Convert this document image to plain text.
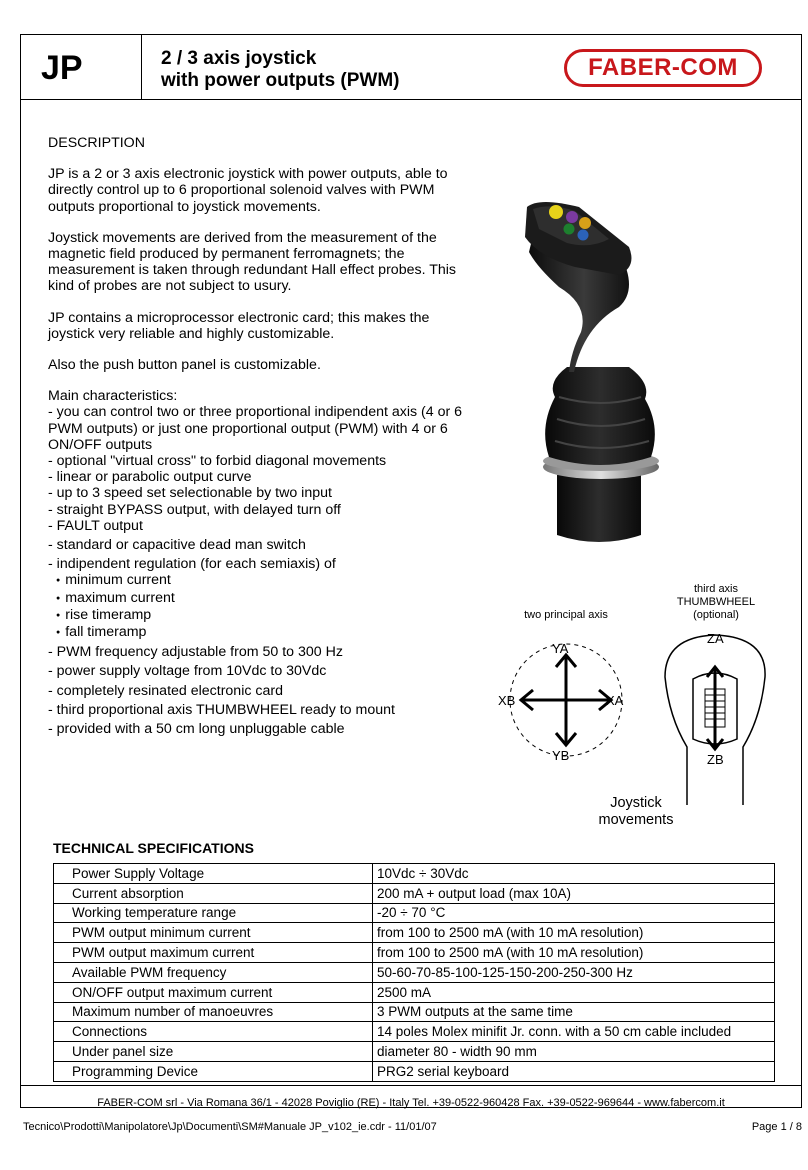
JP	2 / 3 axis joystick
with power outputs (PWM)	FABER-COM

DESCRIPTION

JP is a 2 or 3 axis electronic joystick with power outputs, able to directly control up to 6 proportional solenoid valves with PWM outputs proportional to joystick movements.

Joystick movements are derived from the measurement of the magnetic field produced by permanent ferromagnets; the measurement is taken through redundant Hall effect probes. This kind of probes are not subject to usury.

JP contains a microprocessor electronic card; this makes the joystick very reliable and highly customizable.

Also the push button panel is customizable.

Main characteristics:
- you can control two or three proportional indipendent axis (4 or 6 PWM outputs) or just one proportional output (PWM) with 4 or 6 ON/OFF outputs
- optional "virtual cross" to forbid diagonal movements
- linear or parabolic output curve
- up to 3 speed set selectionable by two input
- straight BYPASS output, with delayed turn off
- FAULT output
- standard or capacitive dead man switch
- indipendent regulation (for each semiaxis) of
● minimum current
● maximum current
● rise timeramp
● fall timeramp
- PWM frequency adjustable from 50 to 300 Hz
- power supply voltage from 10Vdc to 30Vdc
- completely resinated electronic card
- third proportional axis THUMBWHEEL ready to mount
- provided with a 50 cm long unpluggable cable
two principal axis
YA
YB
XB	XA
third axis
THUMBWHEEL
(optional)
ZA
ZB
Joystick
movements
TECHNICAL SPECIFICATIONS
Power Supply Voltage	10Vdc ÷ 30Vdc
Current absorption	200 mA + output load (max 10A)
Working temperature range	-20 ÷ 70 °C
PWM output minimum current	from 100 to 2500 mA (with 10 mA resolution)
PWM output maximum current	from 100 to 2500 mA (with 10 mA resolution)
Available PWM frequency	50-60-70-85-100-125-150-200-250-300 Hz
ON/OFF output maximum current	2500 mA
Maximum number of manoeuvres	3 PWM outputs at the same time
Connections	14 poles Molex minifit Jr. conn. with a 50 cm cable included
Under panel size	diameter 80 - width 90 mm
Programming Device	PRG2 serial keyboard
FABER-COM srl - Via Romana 36/1 - 42028 Poviglio (RE) - Italy Tel. +39-0522-960428 Fax. +39-0522-969644 - www.fabercom.it
Tecnico\Prodotti\Manipolatore\Jp\Documenti\SM#Manuale JP_v102_ie.cdr - 11/01/07	Page 1 / 8
